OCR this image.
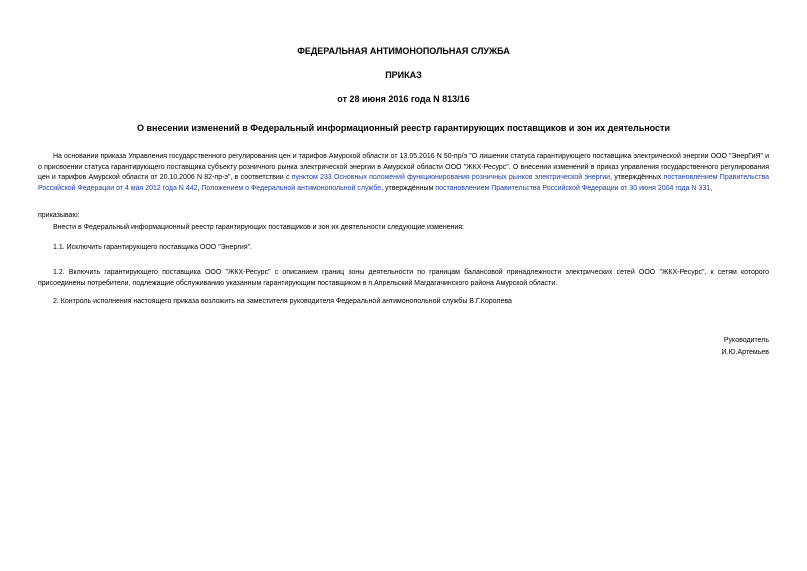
ФЕДЕРАЛЬНАЯ АНТИМОНОПОЛЬНАЯ СЛУЖБА
ПРИКАЗ
от 28 июня 2016 года N 813/16
О внесении изменений в Федеральный информационный реестр гарантирующих поставщиков и зон их деятельности

На основании приказа Управления государственного регулирования цен и тарифов Амурской области от 13.05.2016 N 50-пр/э "О лишении статуса гарантирующего поставщика электрической энергии ООО "ЭнерГиЯ" и о присвоении статуса гарантирующего поставщика субъекту розничного рынка электрической энергии в Амурской области ООО "ЖКХ-Ресурс". О внесении изменений в приказ управления государственного регулирования цен и тарифов Амурской области от 20.10.2006 N 82-пр-э", в соответствии с пунктом 233 Основных положений функционирования розничных рынков электрической энергии, утверждённых постановлением Правительства Российской Федерации от 4 мая 2012 года N 442, Положением о Федеральной антимонопольной службе, утверждённым постановлением Правительства Российской Федерации от 30 июня 2004 года N 331,

приказываю:

Внести в Федеральный информационный реестр гарантирующих поставщиков и зон их деятельности следующие изменения:

1.1. Исключить гарантирующего поставщика ООО "Энергия".

1.2. Включить гарантирующего поставщика ООО "ЖКХ-Ресурс" с описанием границ зоны деятельности по границам балансовой принадлежности электрических сетей ООО "ЖКХ-Ресурс", к сетям которого присоединены потребители, подлежащие обслуживанию указанным гарантирующим поставщиком в п.Апрельский Магдагачинского района Амурской области.

2. Контроль исполнения настоящего приказа возложить на заместителя руководителя Федеральной антимонопольной службы В.Г.Королева

Руководитель
И.Ю.Артемьев
